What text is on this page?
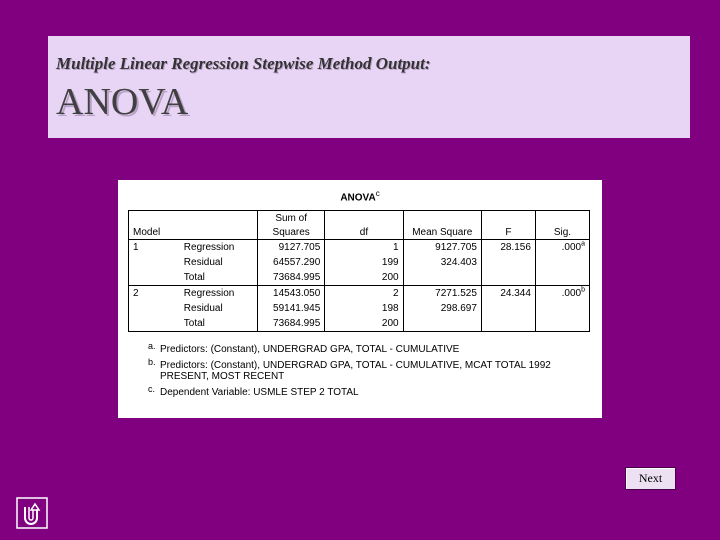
Multiple Linear Regression Stepwise Method Output:
ANOVA
ANOVA$^c$
		Sum of				
Model		Squares	df	Mean Square	F	Sig.
1	Regression	9127.705	1	9127.705	28.156	.000$^a$
	Residual	64557.290	199	324.403		
	Total	73684.995	200			
2	Regression	14543.050	2	7271.525	24.344	.000$^b$
	Residual	59141.945	198	298.697		
	Total	73684.995	200			
a. Predictors: (Constant), UNDERGRAD GPA, TOTAL - CUMULATIVE
b. Predictors: (Constant), UNDERGRAD GPA, TOTAL - CUMULATIVE, MCAT TOTAL 1992 PRESENT, MOST RECENT
c. Dependent Variable: USMLE STEP 2 TOTAL
Next
